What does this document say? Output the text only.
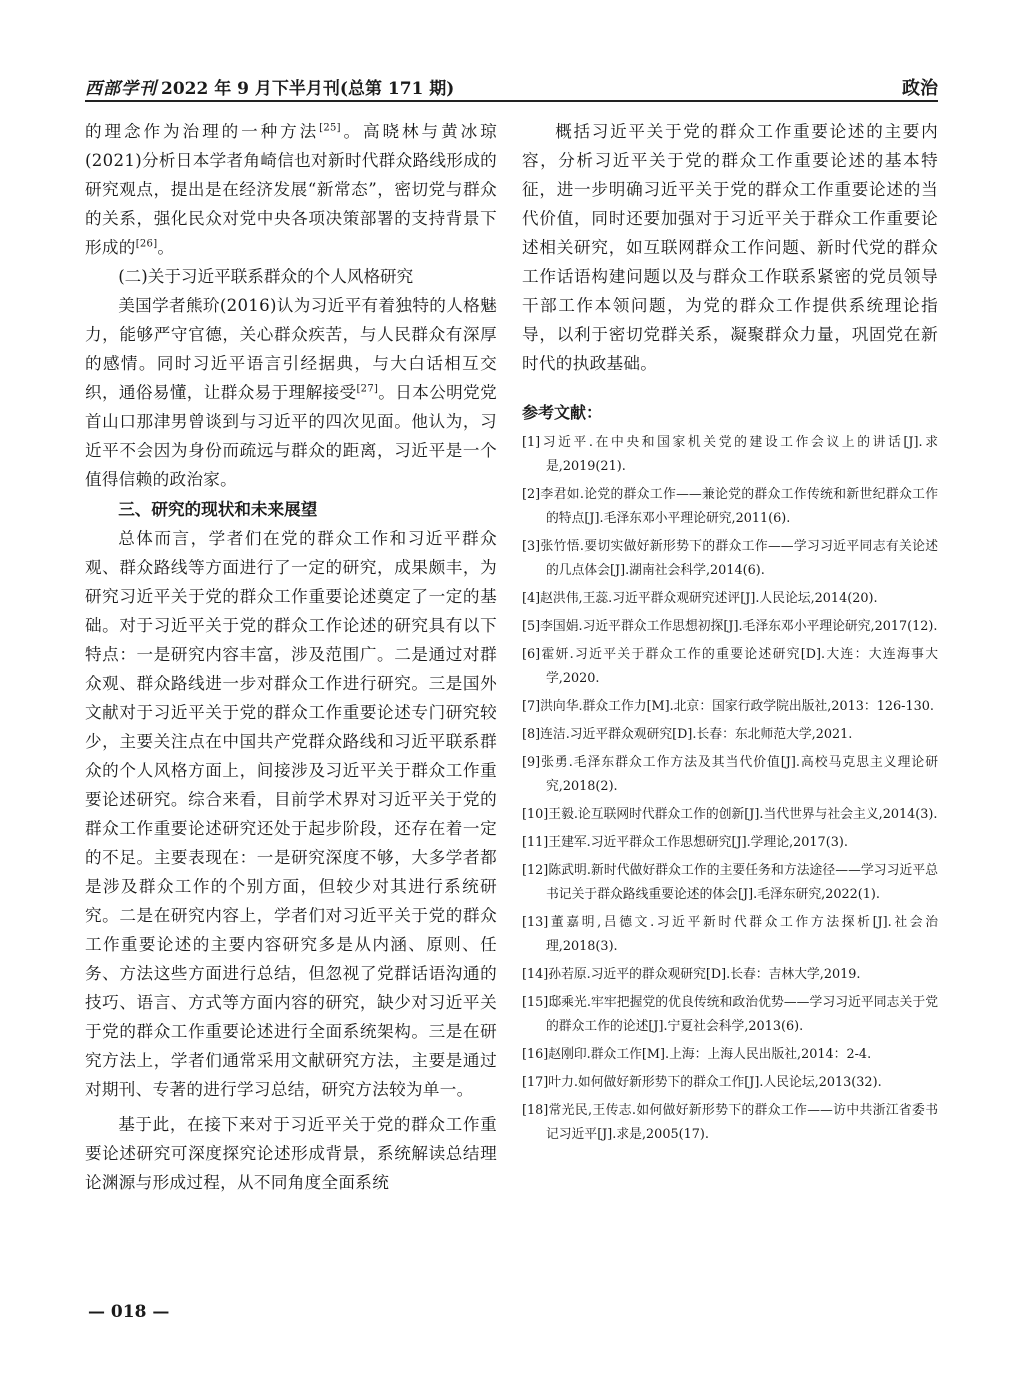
西部学刊 2022 年 9 月下半月刊(总第 171 期)	政治

的理念作为治理的一种方法[25]。高晓林与黄冰琼(2021)分析日本学者角崎信也对新时代群众路线形成的研究观点，提出是在经济发展“新常态”，密切党与群众的关系，强化民众对党中央各项决策部署的支持背景下形成的[26]。

(二)关于习近平联系群众的个人风格研究

美国学者熊玠(2016)认为习近平有着独特的人格魅力，能够严守官德，关心群众疾苦，与人民群众有深厚的感情。同时习近平语言引经据典，与大白话相互交织，通俗易懂，让群众易于理解接受[27]。日本公明党党首山口那津男曾谈到与习近平的四次见面。他认为，习近平不会因为身份而疏远与群众的距离，习近平是一个值得信赖的政治家。

三、研究的现状和未来展望

总体而言，学者们在党的群众工作和习近平群众观、群众路线等方面进行了一定的研究，成果颇丰，为研究习近平关于党的群众工作重要论述奠定了一定的基础。对于习近平关于党的群众工作论述的研究具有以下特点：一是研究内容丰富，涉及范围广。二是通过对群众观、群众路线进一步对群众工作进行研究。三是国外文献对于习近平关于党的群众工作重要论述专门研究较少，主要关注点在中国共产党群众路线和习近平联系群众的个人风格方面上，间接涉及习近平关于群众工作重要论述研究。综合来看，目前学术界对习近平关于党的群众工作重要论述研究还处于起步阶段，还存在着一定的不足。主要表现在：一是研究深度不够，大多学者都是涉及群众工作的个别方面，但较少对其进行系统研究。二是在研究内容上，学者们对习近平关于党的群众工作重要论述的主要内容研究多是从内涵、原则、任务、方法这些方面进行总结，但忽视了党群话语沟通的技巧、语言、方式等方面内容的研究，缺少对习近平关于党的群众工作重要论述进行全面系统架构。三是在研究方法上，学者们通常采用文献研究方法，主要是通过对期刊、专著的进行学习总结，研究方法较为单一。

基于此，在接下来对于习近平关于党的群众工作重要论述研究可深度探究论述形成背景，系统解读总结理论渊源与形成过程，从不同角度全面系统

概括习近平关于党的群众工作重要论述的主要内容，分析习近平关于党的群众工作重要论述的基本特征，进一步明确习近平关于党的群众工作重要论述的当代价值，同时还要加强对于习近平关于群众工作重要论述相关研究，如互联网群众工作问题、新时代党的群众工作话语构建问题以及与群众工作联系紧密的党员领导干部工作本领问题，为党的群众工作提供系统理论指导，以利于密切党群关系，凝聚群众力量，巩固党在新时代的执政基础。

参考文献：
[1]习近平.在中央和国家机关党的建设工作会议上的讲话[J].求是,2019(21).
[2]李君如.论党的群众工作——兼论党的群众工作传统和新世纪群众工作的特点[J].毛泽东邓小平理论研究,2011(6).
[3]张竹悟.要切实做好新形势下的群众工作——学习习近平同志有关论述的几点体会[J].湖南社会科学,2014(6).
[4]赵洪伟,王蕊.习近平群众观研究述评[J].人民论坛,2014(20).
[5]李国娟.习近平群众工作思想初探[J].毛泽东邓小平理论研究,2017(12).
[6]霍妍.习近平关于群众工作的重要论述研究[D].大连：大连海事大学,2020.
[7]洪向华.群众工作力[M].北京：国家行政学院出版社,2013：126-130.
[8]连洁.习近平群众观研究[D].长春：东北师范大学,2021.
[9]张勇.毛泽东群众工作方法及其当代价值[J].高校马克思主义理论研究,2018(2).
[10]王毅.论互联网时代群众工作的创新[J].当代世界与社会主义,2014(3).
[11]王建军.习近平群众工作思想研究[J].学理论,2017(3).
[12]陈武明.新时代做好群众工作的主要任务和方法途径——学习习近平总书记关于群众路线重要论述的体会[J].毛泽东研究,2022(1).
[13]董嘉明,吕德文.习近平新时代群众工作方法探析[J].社会治理,2018(3).
[14]孙若原.习近平的群众观研究[D].长春：吉林大学,2019.
[15]邸乘光.牢牢把握党的优良传统和政治优势——学习习近平同志关于党的群众工作的论述[J].宁夏社会科学,2013(6).
[16]赵刚印.群众工作[M].上海：上海人民出版社,2014：2-4.
[17]叶力.如何做好新形势下的群众工作[J].人民论坛,2013(32).
[18]常光民,王传志.如何做好新形势下的群众工作——访中共浙江省委书记习近平[J].求是,2005(17).
— 018 —
